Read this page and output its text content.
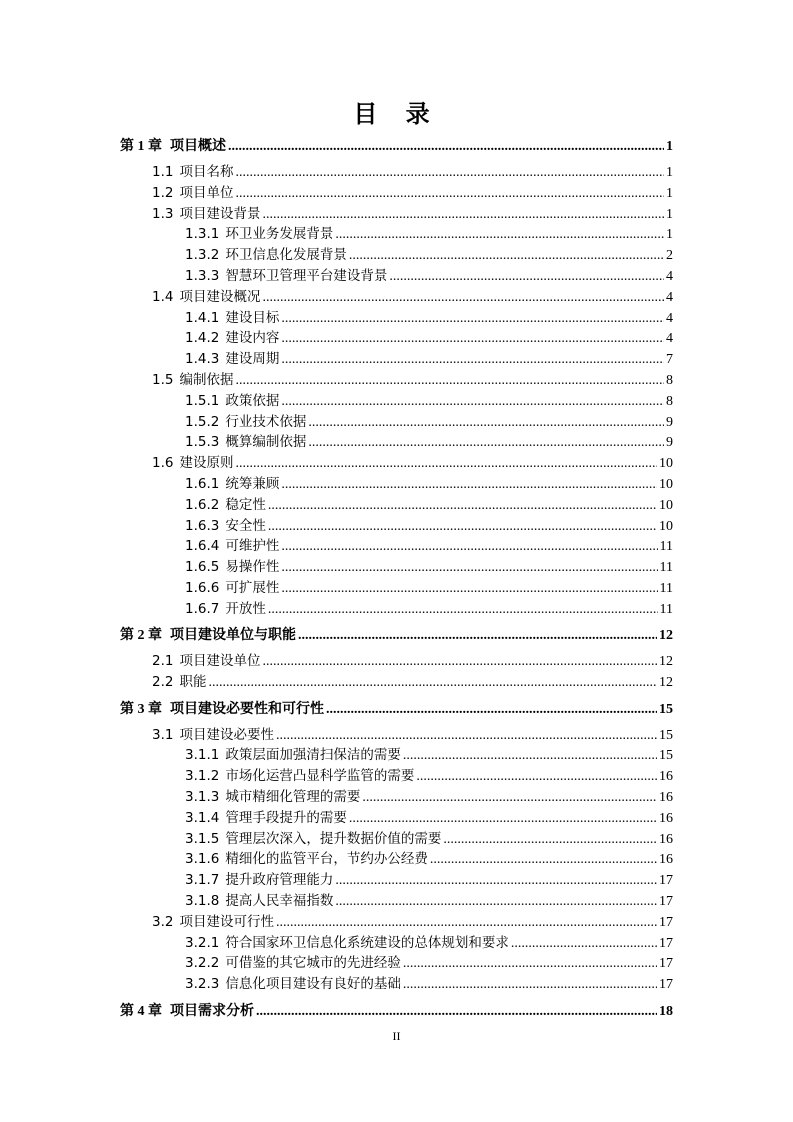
目 录
第 1 章 项目概述 .....	1
1.1 项目名称 .....	1
1.2 项目单位 .....	1
1.3 项目建设背景 .....	1
1.3.1 环卫业务发展背景 .....	1
1.3.2 环卫信息化发展背景 .....	2
1.3.3 智慧环卫管理平台建设背景 .....	4
1.4 项目建设概况 .....	4
1.4.1 建设目标 .....	4
1.4.2 建设内容 .....	4
1.4.3 建设周期 .....	7
1.5 编制依据 .....	8
1.5.1 政策依据 .....	8
1.5.2 行业技术依据 .....	9
1.5.3 概算编制依据 .....	9
1.6 建设原则 .....	10
1.6.1 统筹兼顾 .....	10
1.6.2 稳定性 .....	10
1.6.3 安全性 .....	10
1.6.4 可维护性 .....	11
1.6.5 易操作性 .....	11
1.6.6 可扩展性 .....	11
1.6.7 开放性 .....	11
第 2 章 项目建设单位与职能 .....	12
2.1 项目建设单位 .....	12
2.2 职能 .....	12
第 3 章 项目建设必要性和可行性 .....	15
3.1 项目建设必要性 .....	15
3.1.1 政策层面加强清扫保洁的需要 .....	15
3.1.2 市场化运营凸显科学监管的需要 .....	16
3.1.3 城市精细化管理的需要 .....	16
3.1.4 管理手段提升的需要 .....	16
3.1.5 管理层次深入，提升数据价值的需要 .....	16
3.1.6 精细化的监管平台，节约办公经费 .....	16
3.1.7 提升政府管理能力 .....	17
3.1.8 提高人民幸福指数 .....	17
3.2 项目建设可行性 .....	17
3.2.1 符合国家环卫信息化系统建设的总体规划和要求 .....	17
3.2.2 可借鉴的其它城市的先进经验 .....	17
3.2.3 信息化项目建设有良好的基础 .....	17
第 4 章 项目需求分析 .....	18
II
